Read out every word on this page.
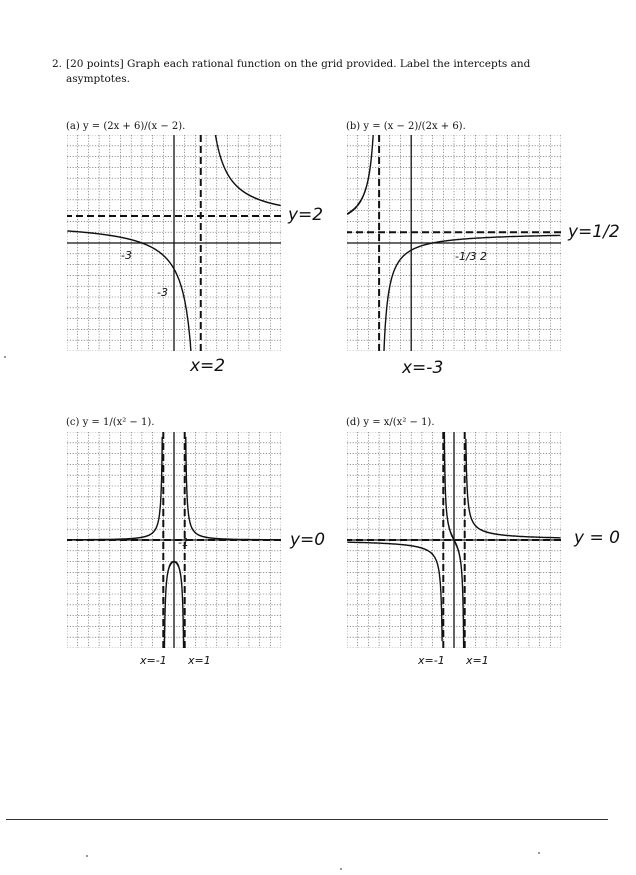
2. [20 points] Graph each rational function on the grid provided. Label the intercepts and asymptotes.
(a) y = (2x + 6)/(x − 2).	(b) y = (x − 2)/(2x + 6).
(c) y = 1/(x² − 1).	(d) y = x/(x² − 1).
y=2
x=2
-3
-3
y=1/2
x=-3
-1/3 2
y=0
x=-1 x=1
-1	y = 0
x=-1 x=1
